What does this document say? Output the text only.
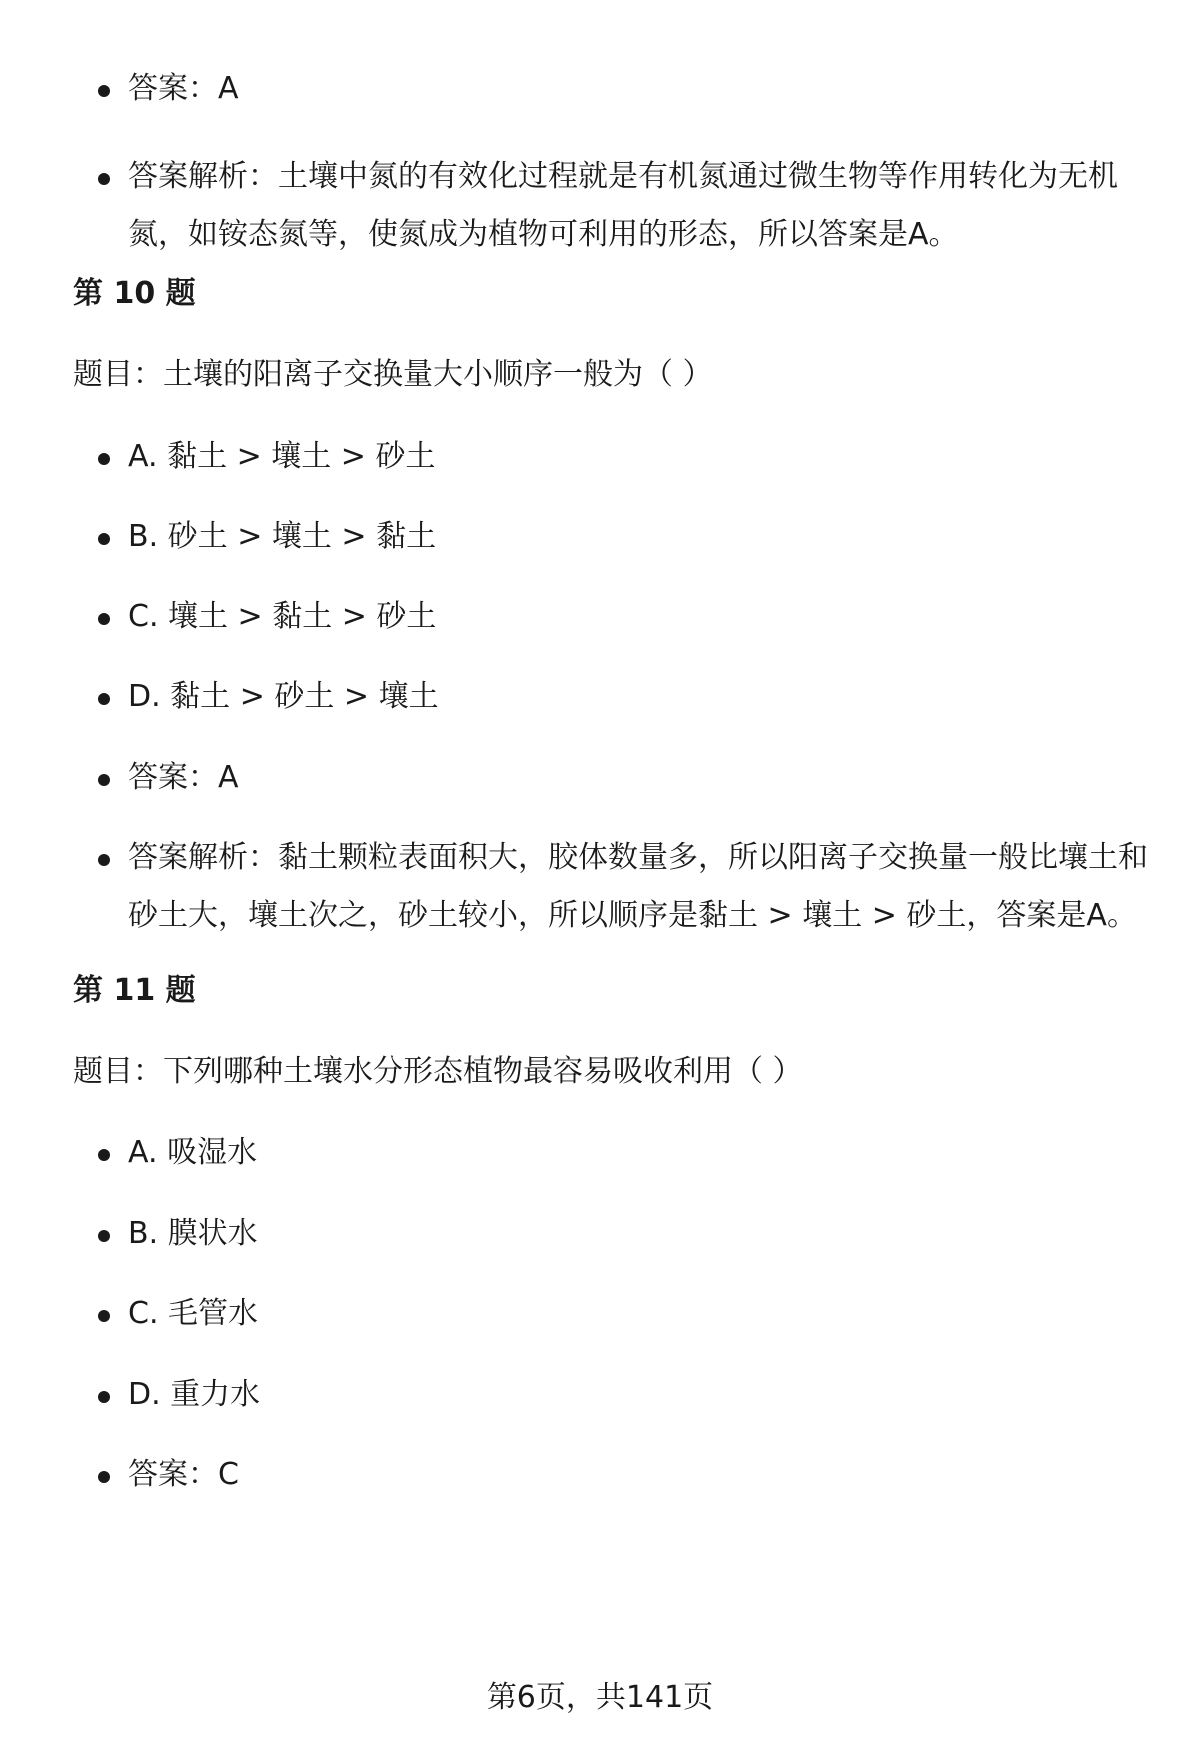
答案：A
答案解析：土壤中氮的有效化过程就是有机氮通过微生物等作用转化为无机氮，如铵态氮等，使氮成为植物可利用的形态，所以答案是A。
第 10 题
题目：土壤的阳离子交换量大小顺序一般为（ ）
A. 黏土 > 壤土 > 砂土
B. 砂土 > 壤土 > 黏土
C. 壤土 > 黏土 > 砂土
D. 黏土 > 砂土 > 壤土
答案：A
答案解析：黏土颗粒表面积大，胶体数量多，所以阳离子交换量一般比壤土和砂土大，壤土次之，砂土较小，所以顺序是黏土 > 壤土 > 砂土，答案是A。
第 11 题
题目：下列哪种土壤水分形态植物最容易吸收利用（ ）
A. 吸湿水
B. 膜状水
C. 毛管水
D. 重力水
答案：C
第6页，共141页
